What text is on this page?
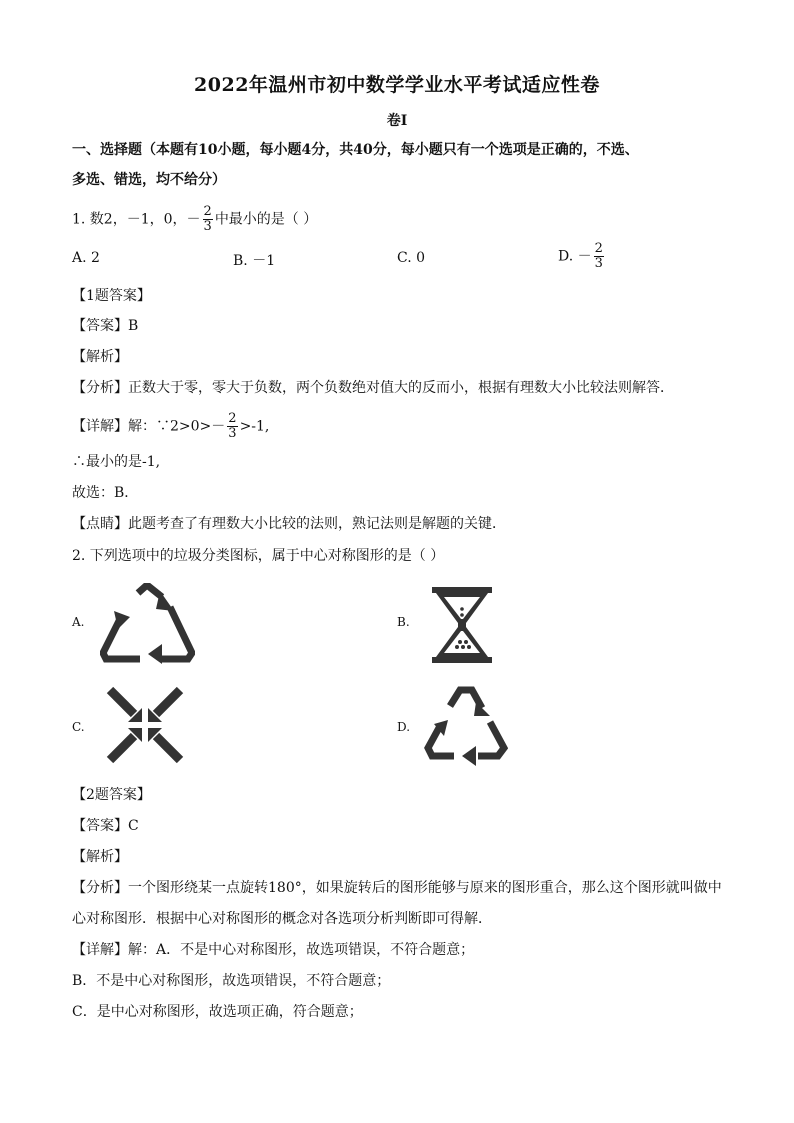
2022年温州市初中数学学业水平考试适应性卷
卷I
一、选择题（本题有10小题，每小题4分，共40分，每小题只有一个选项是正确的，不选、
多选、错选，均不给分）
1. 数2，－1，0，－ $\frac{2}{3}$ 中最小的是（ ）
A. 2	B. －1	C. 0	D. － $\frac{2}{3}$
【1题答案】
【答案】B
【解析】
【分析】正数大于零，零大于负数，两个负数绝对值大的反而小，根据有理数大小比较法则解答．
【详解】解：∵2>0>－ $\frac{2}{3} >-1$,
∴最小的是-1,
故选：B．
【点睛】此题考查了有理数大小比较的法则，熟记法则是解题的关键．
2. 下列选项中的垃圾分类图标，属于中心对称图形的是（ ）
A.	B.
C.	D.
【2题答案】
【答案】C
【解析】
【分析】一个图形绕某一点旋转180°，如果旋转后的图形能够与原来的图形重合，那么这个图形就叫做中
心对称图形．根据中心对称图形的概念对各选项分析判断即可得解．
【详解】解：A．不是中心对称图形，故选项错误，不符合题意；
B．不是中心对称图形，故选项错误，不符合题意；
C．是中心对称图形，故选项正确，符合题意；
